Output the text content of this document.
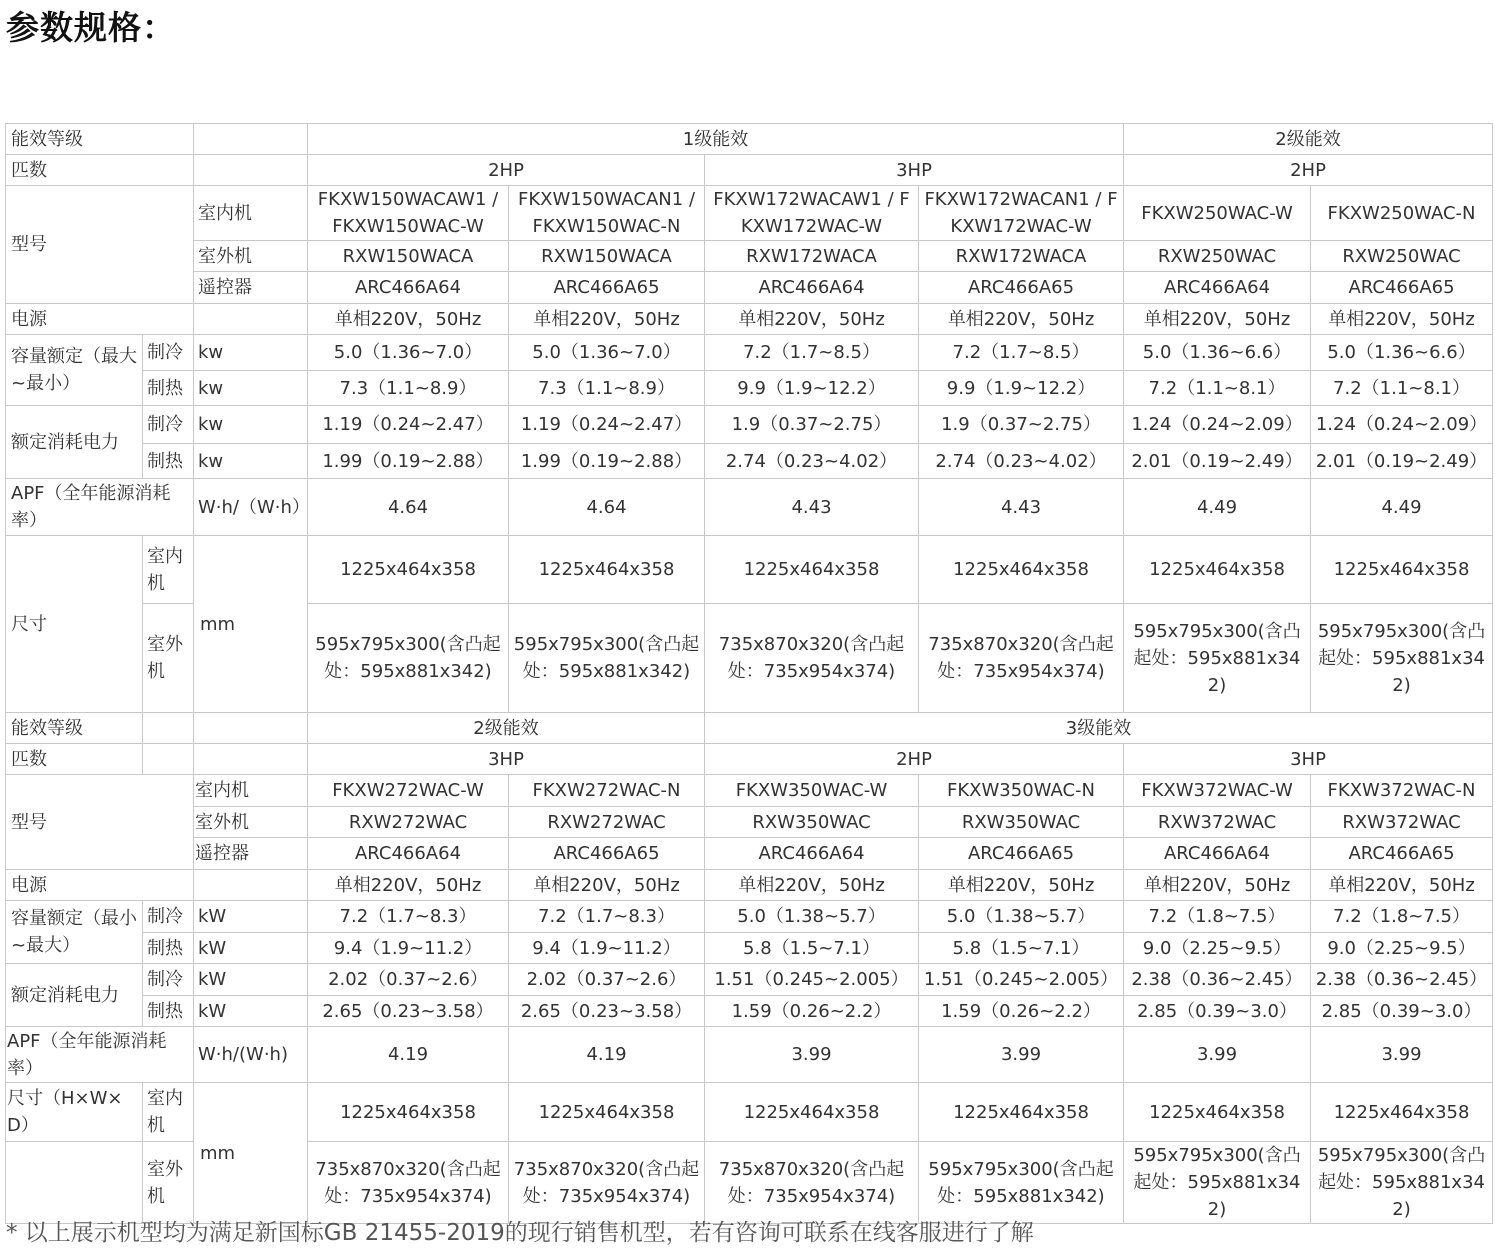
参数规格：
能效等级			1级能效				2级能效	
匹数			2HP		3HP		2HP	
型号		室内机	FKXW150WACAW1 / FKXW150WAC-W	FKXW150WACAN1 / FKXW150WAC-N	FKXW172WACAW1 / FKXW172WAC-W	FKXW172WACAN1 / FKXW172WAC-W	FKXW250WAC-W	FKXW250WAC-N
		室外机	RXW150WACA	RXW150WACA	RXW172WACA	RXW172WACA	RXW250WAC	RXW250WAC
		遥控器	ARC466A64	ARC466A65	ARC466A64	ARC466A65	ARC466A64	ARC466A65
电源			单相220V，50Hz	单相220V，50Hz	单相220V，50Hz	单相220V，50Hz	单相220V，50Hz	单相220V，50Hz
容量额定（最大~最小）	制冷	kw	5.0（1.36~7.0）	5.0（1.36~7.0）	7.2（1.7~8.5）	7.2（1.7~8.5）	5.0（1.36~6.6）	5.0（1.36~6.6）
	制热	kw	7.3（1.1~8.9）	7.3（1.1~8.9）	9.9（1.9~12.2）	9.9（1.9~12.2）	7.2（1.1~8.1）	7.2（1.1~8.1）
额定消耗电力	制冷	kw	1.19（0.24~2.47）	1.19（0.24~2.47）	1.9（0.37~2.75）	1.9（0.37~2.75）	1.24（0.24~2.09）	1.24（0.24~2.09）
	制热	kw	1.99（0.19~2.88）	1.99（0.19~2.88）	2.74（0.23~4.02）	2.74（0.23~4.02）	2.01（0.19~2.49）	2.01（0.19~2.49）
APF（全年能源消耗率）		W·h/（W·h）	4.64	4.64	4.43	4.43	4.49	4.49
尺寸	室内机	mm	1225x464x358	1225x464x358	1225x464x358	1225x464x358	1225x464x358	1225x464x358
	室外机		595x795x300(含凸起处：595x881x342)	595x795x300(含凸起处：595x881x342)	735x870x320(含凸起处：735x954x374)	735x870x320(含凸起处：735x954x374)	595x795x300(含凸起处：595x881x342)	595x795x300(含凸起处：595x881x342)
能效等级			2级能效		3级能效			
匹数			3HP		2HP		3HP	
型号		室内机	FKXW272WAC-W	FKXW272WAC-N	FKXW350WAC-W	FKXW350WAC-N	FKXW372WAC-W	FKXW372WAC-N
		室外机	RXW272WAC	RXW272WAC	RXW350WAC	RXW350WAC	RXW372WAC	RXW372WAC
		遥控器	ARC466A64	ARC466A65	ARC466A64	ARC466A65	ARC466A64	ARC466A65
电源			单相220V，50Hz	单相220V，50Hz	单相220V，50Hz	单相220V，50Hz	单相220V，50Hz	单相220V，50Hz
容量额定（最小~最大）	制冷	kW	7.2（1.7~8.3）	7.2（1.7~8.3）	5.0（1.38~5.7）	5.0（1.38~5.7）	7.2（1.8~7.5）	7.2（1.8~7.5）
	制热	kW	9.4（1.9~11.2）	9.4（1.9~11.2）	5.8（1.5~7.1）	5.8（1.5~7.1）	9.0（2.25~9.5）	9.0（2.25~9.5）
额定消耗电力	制冷	kW	2.02（0.37~2.6）	2.02（0.37~2.6）	1.51（0.245~2.005）	1.51（0.245~2.005）	2.38（0.36~2.45）	2.38（0.36~2.45）
	制热	kW	2.65（0.23~3.58）	2.65（0.23~3.58）	1.59（0.26~2.2）	1.59（0.26~2.2）	2.85（0.39~3.0）	2.85（0.39~3.0）
APF（全年能源消耗率）		W·h/(W·h)	4.19	4.19	3.99	3.99	3.99	3.99
尺寸（H×W×D）	室内机	mm	1225x464x358	1225x464x358	1225x464x358	1225x464x358	1225x464x358	1225x464x358
	室外机		735x870x320(含凸起处：735x954x374)	735x870x320(含凸起处：735x954x374)	735x870x320(含凸起处：735x954x374)	595x795x300(含凸起处：595x881x342)	595x795x300(含凸起处：595x881x342)	595x795x300(含凸起处：595x881x342)

* 以上展示机型均为满足新国标GB 21455-2019的现行销售机型，若有咨询可联系在线客服进行了解
